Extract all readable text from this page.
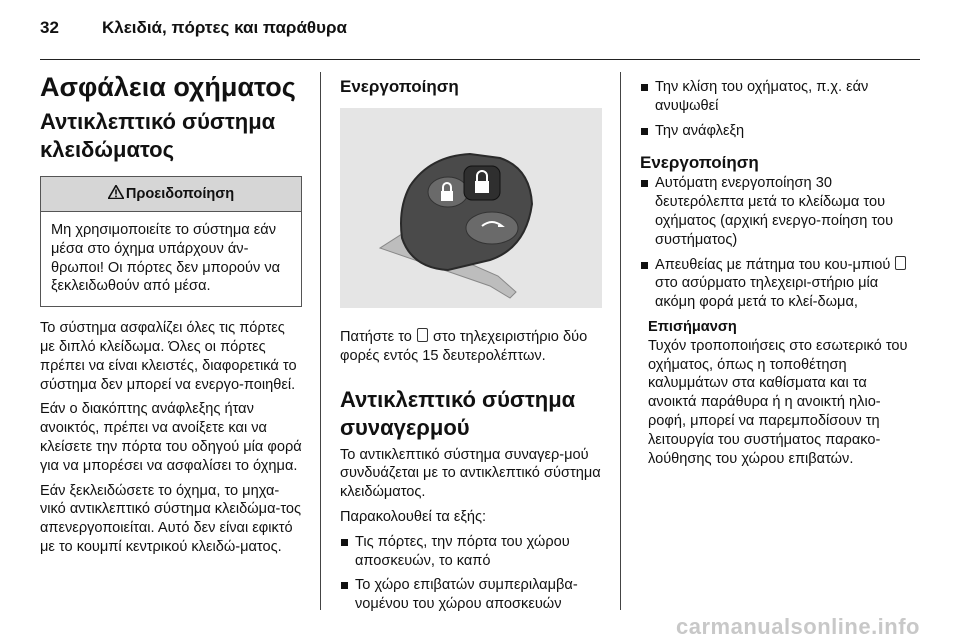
32	Κλειδιά, πόρτες και παράθυρα
Ασφάλεια οχήματος
Αντικλεπτικό σύστημα
κλειδώματος
Προειδοποίηση
Μη χρησιμοποιείτε το σύστημα εάν μέσα στο όχημα υπάρχουν άν-θρωποι! Οι πόρτες δεν μπορούν να ξεκλειδωθούν από μέσα.
Το σύστημα ασφαλίζει όλες τις πόρτες με διπλό κλείδωμα. Όλες οι πόρτες πρέπει να είναι κλειστές, διαφορετικά το σύστημα δεν μπορεί να ενεργο-ποιηθεί.
Εάν ο διακόπτης ανάφλεξης ήταν ανοικτός, πρέπει να ανοίξετε και να κλείσετε την πόρτα του οδηγού μία φορά για να μπορέσει να ασφαλίσει το όχημα.
Εάν ξεκλειδώσετε το όχημα, το μηχα-νικό αντικλεπτικό σύστημα κλειδώμα-τος απενεργοποιείται. Αυτό δεν είναι εφικτό με το κουμπί κεντρικού κλειδώ-ματος.
Ενεργοποίηση
Πατήστε το στο τηλεχειριστήριο δύο φορές εντός 15 δευτερολέπτων.
Αντικλεπτικό σύστημα
συναγερμού
Το αντικλεπτικό σύστημα συναγερ-μού συνδυάζεται με το αντικλεπτικό σύστημα κλειδώματος.
Παρακολουθεί τα εξής:
Τις πόρτες, την πόρτα του χώρου αποσκευών, το καπό
Το χώρο επιβατών συμπεριλαμβα-νομένου του χώρου αποσκευών
Την κλίση του οχήματος, π.χ. εάν ανυψωθεί
Την ανάφλεξη
Ενεργοποίηση
Αυτόματη ενεργοποίηση 30 δευτερόλεπτα μετά το κλείδωμα του οχήματος (αρχική ενεργο-ποίηση του συστήματος)
Απευθείας με πάτημα του κου-μπιού  στο ασύρματο τηλεχειρι-στήριο μία ακόμη φορά μετά το κλεί-δωμα,
Επισήμανση
Τυχόν τροποποιήσεις στο εσωτερικό του οχήματος, όπως η τοποθέτηση καλυμμάτων στα καθίσματα και τα ανοικτά παράθυρα ή η ανοικτή ηλιο-ροφή, μπορεί να παρεμποδίσουν τη λειτουργία του συστήματος παρακο-λούθησης του χώρου επιβατών.
carmanualsonline.info
